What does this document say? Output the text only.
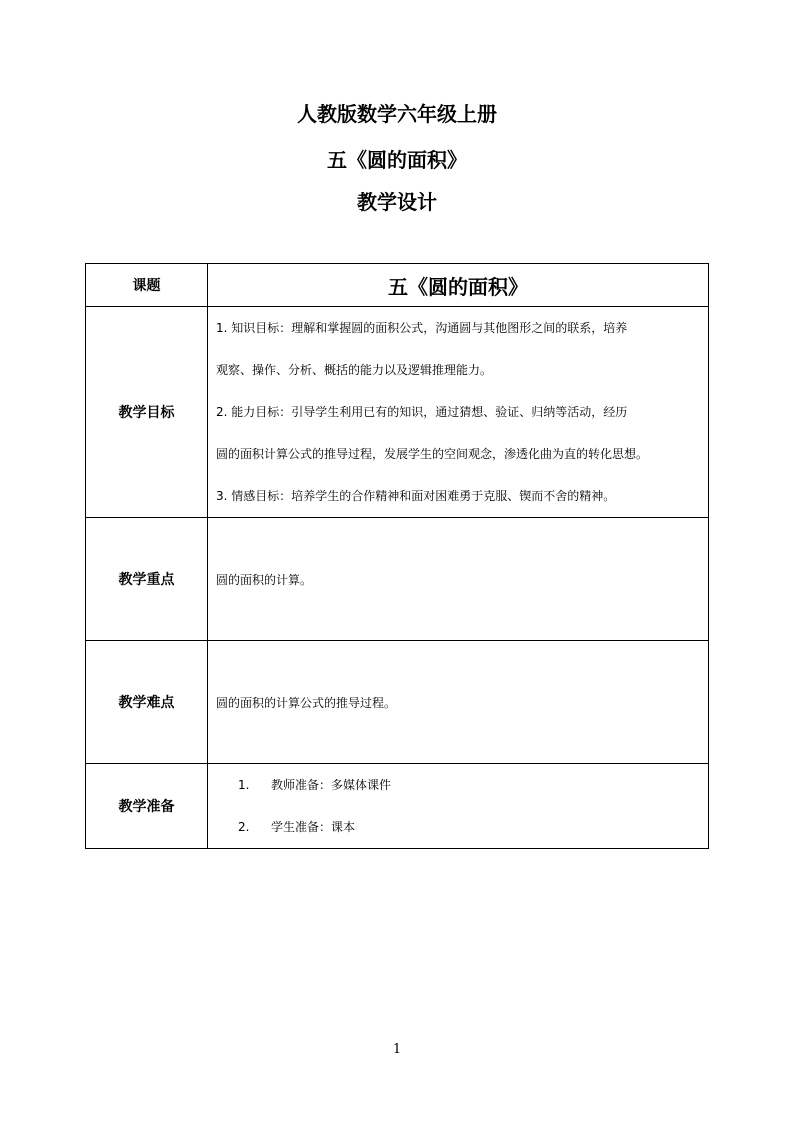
人教版数学六年级上册
五《圆的面积》
教学设计
课题	五《圆的面积》
教学目标	1. 知识目标：理解和掌握圆的面积公式，沟通圆与其他图形之间的联系，培养
观察、操作、分析、概括的能力以及逻辑推理能力。
2. 能力目标：引导学生利用已有的知识，通过猜想、验证、归纳等活动，经历
圆的面积计算公式的推导过程，发展学生的空间观念，渗透化曲为直的转化思想。
3. 情感目标：培养学生的合作精神和面对困难勇于克服、锲而不舍的精神。

教学重点	圆的面积的计算。

教学难点	圆的面积的计算公式的推导过程。

教学准备	1. 教师准备：多媒体课件
2. 学生准备：课本
1
